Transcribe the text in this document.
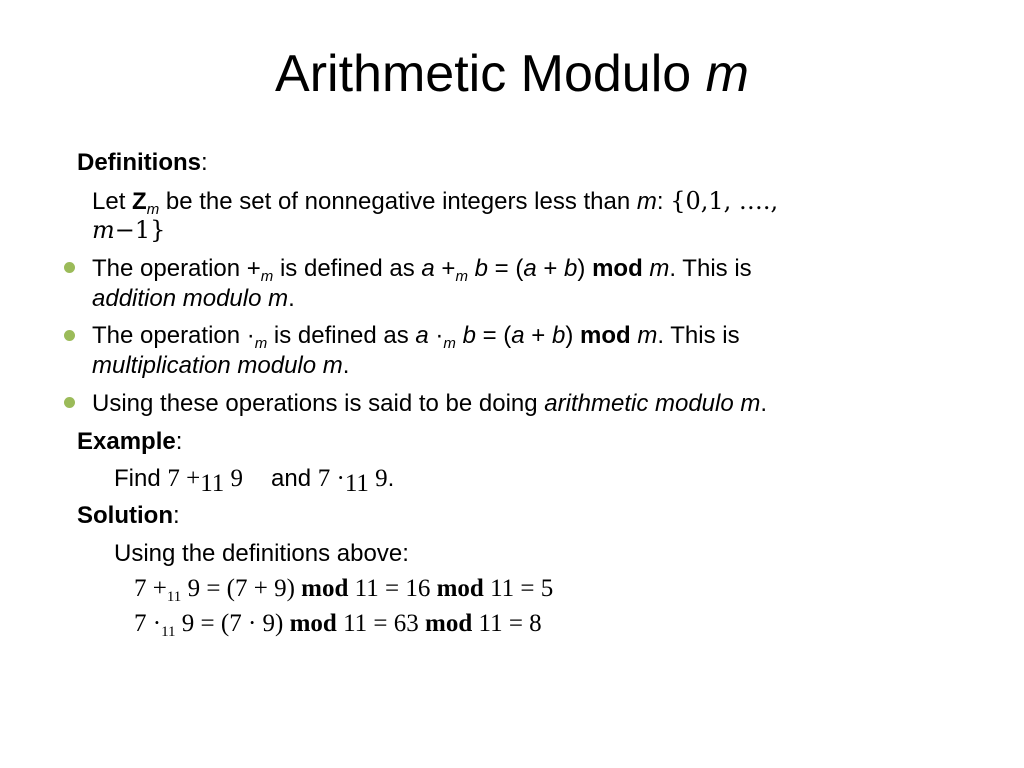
Arithmetic Modulo m
Definitions:
Let $Z_m$ be the set of nonnegative integers less than m: {0,1, ….,
m−1}
The operation $+_m$ is defined as $a +_m$ b = (a + b) mod m. This is
addition modulo m.
The operation $\cdot_m$ is defined as $a \cdot_m$ b = (a + b) mod m. This is
multiplication modulo m.
Using these operations is said to be doing arithmetic modulo m.
Example:
Find $7 +_{11}$ 9 and $7 \cdot_{11}$ 9.
Solution:
Using the definitions above:
$7 +_{11}$ 9 = (7 + 9) mod 11 = 16 mod 11 = 5
$7 \cdot_{11}$ 9 = (7 · 9) mod 11 = 63 mod 11 = 8
